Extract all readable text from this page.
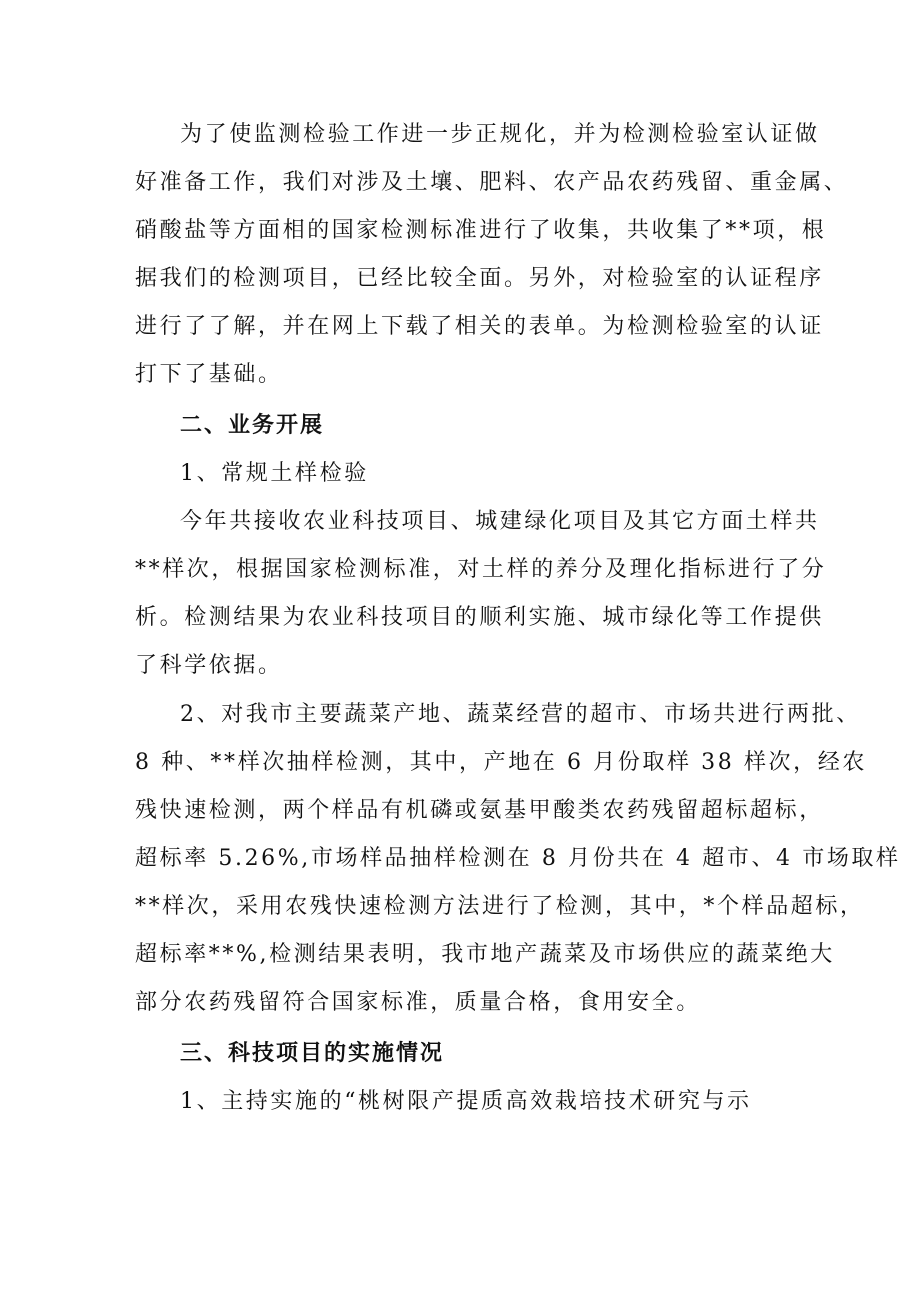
为了使监测检验工作进一步正规化，并为检测检验室认证做
好准备工作，我们对涉及土壤、肥料、农产品农药残留、重金属、
硝酸盐等方面相的国家检测标准进行了收集，共收集了**项，根
据我们的检测项目，已经比较全面。另外，对检验室的认证程序
进行了了解，并在网上下载了相关的表单。为检测检验室的认证
打下了基础。
二、业务开展
1、常规土样检验
今年共接收农业科技项目、城建绿化项目及其它方面土样共
**样次，根据国家检测标准，对土样的养分及理化指标进行了分
析。检测结果为农业科技项目的顺利实施、城市绿化等工作提供
了科学依据。
2、对我市主要蔬菜产地、蔬菜经营的超市、市场共进行两批、
8 种、**样次抽样检测，其中，产地在 6 月份取样 38 样次，经农
残快速检测，两个样品有机磷或氨基甲酸类农药残留超标超标，
超标率 5.26%,市场样品抽样检测在 8 月份共在 4 超市、4 市场取样
**样次，采用农残快速检测方法进行了检测，其中，*个样品超标，
超标率**%,检测结果表明，我市地产蔬菜及市场供应的蔬菜绝大
部分农药残留符合国家标准，质量合格，食用安全。
三、科技项目的实施情况
1、主持实施的“桃树限产提质高效栽培技术研究与示
